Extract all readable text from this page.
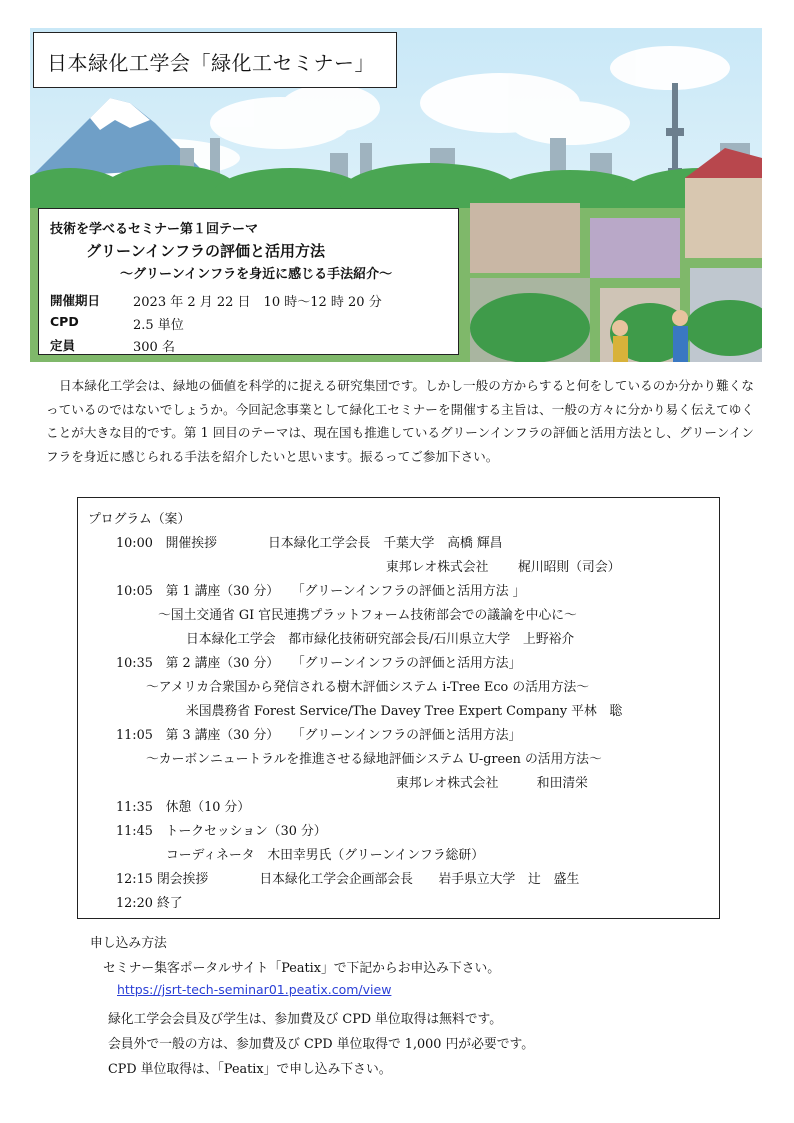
日本緑化工学会「緑化工セミナー」
技術を学べるセミナー第１回テーマ
グリーンインフラの評価と活用方法
～グリーンインフラを身近に感じる手法紹介～
開催期日	2023 年 2 月 22 日　10 時～12 時 20 分
CPD	2.5 単位
定員	300 名
日本緑化工学会は、緑地の価値を科学的に捉える研究集団です。しかし一般の方からすると何をしているのか分かり難くなっているのではないでしょうか。今回記念事業として緑化工セミナーを開催する主旨は、一般の方々に分かり易く伝えてゆくことが大きな目的です。第 1 回目のテーマは、現在国も推進しているグリーンインフラの評価と活用方法とし、グリーンインフラを身近に感じられる手法を紹介したいと思います。振るってご参加下さい。
プログラム（案）
10:00　開催挨拶　　　　日本緑化工学会長　千葉大学　高橋 輝昌
東邦レオ株式会社　　 梶川昭則（司会）
10:05　第 1 講座（30 分）　　「グリーンインフラの評価と活用方法 」
～国土交通省 GI 官民連携プラットフォーム技術部会での議論を中心に～
日本緑化工学会　都市緑化技術研究部会長/石川県立大学　上野裕介
10:35　第 2 講座（30 分）　　「グリーンインフラの評価と活用方法」
～アメリカ合衆国から発信される樹木評価システム i-Tree Eco の活用方法～
米国農務省 Forest Service/The Davey Tree Expert Company 平林　聡
11:05　第 3 講座（30 分）　　「グリーンインフラの評価と活用方法」
～カーボンニュートラルを推進させる緑地評価システム U-green の活用方法～
東邦レオ株式会社　　　和田清栄
11:35　休憩（10 分）
11:45　トークセッション（30 分）
コーディネータ　木田幸男氏（グリーンインフラ総研）
12:15 閉会挨拶　　　　日本緑化工学会企画部会長　　岩手県立大学　辻　盛生
12:20 終了
申し込み方法
セミナー集客ポータルサイト「Peatix」で下記からお申込み下さい。
https://jsrt-tech-seminar01.peatix.com/view
緑化工学会会員及び学生は、参加費及び CPD 単位取得は無料です。
会員外で一般の方は、参加費及び CPD 単位取得で 1,000 円が必要です。
CPD 単位取得は、「Peatix」で申し込み下さい。
